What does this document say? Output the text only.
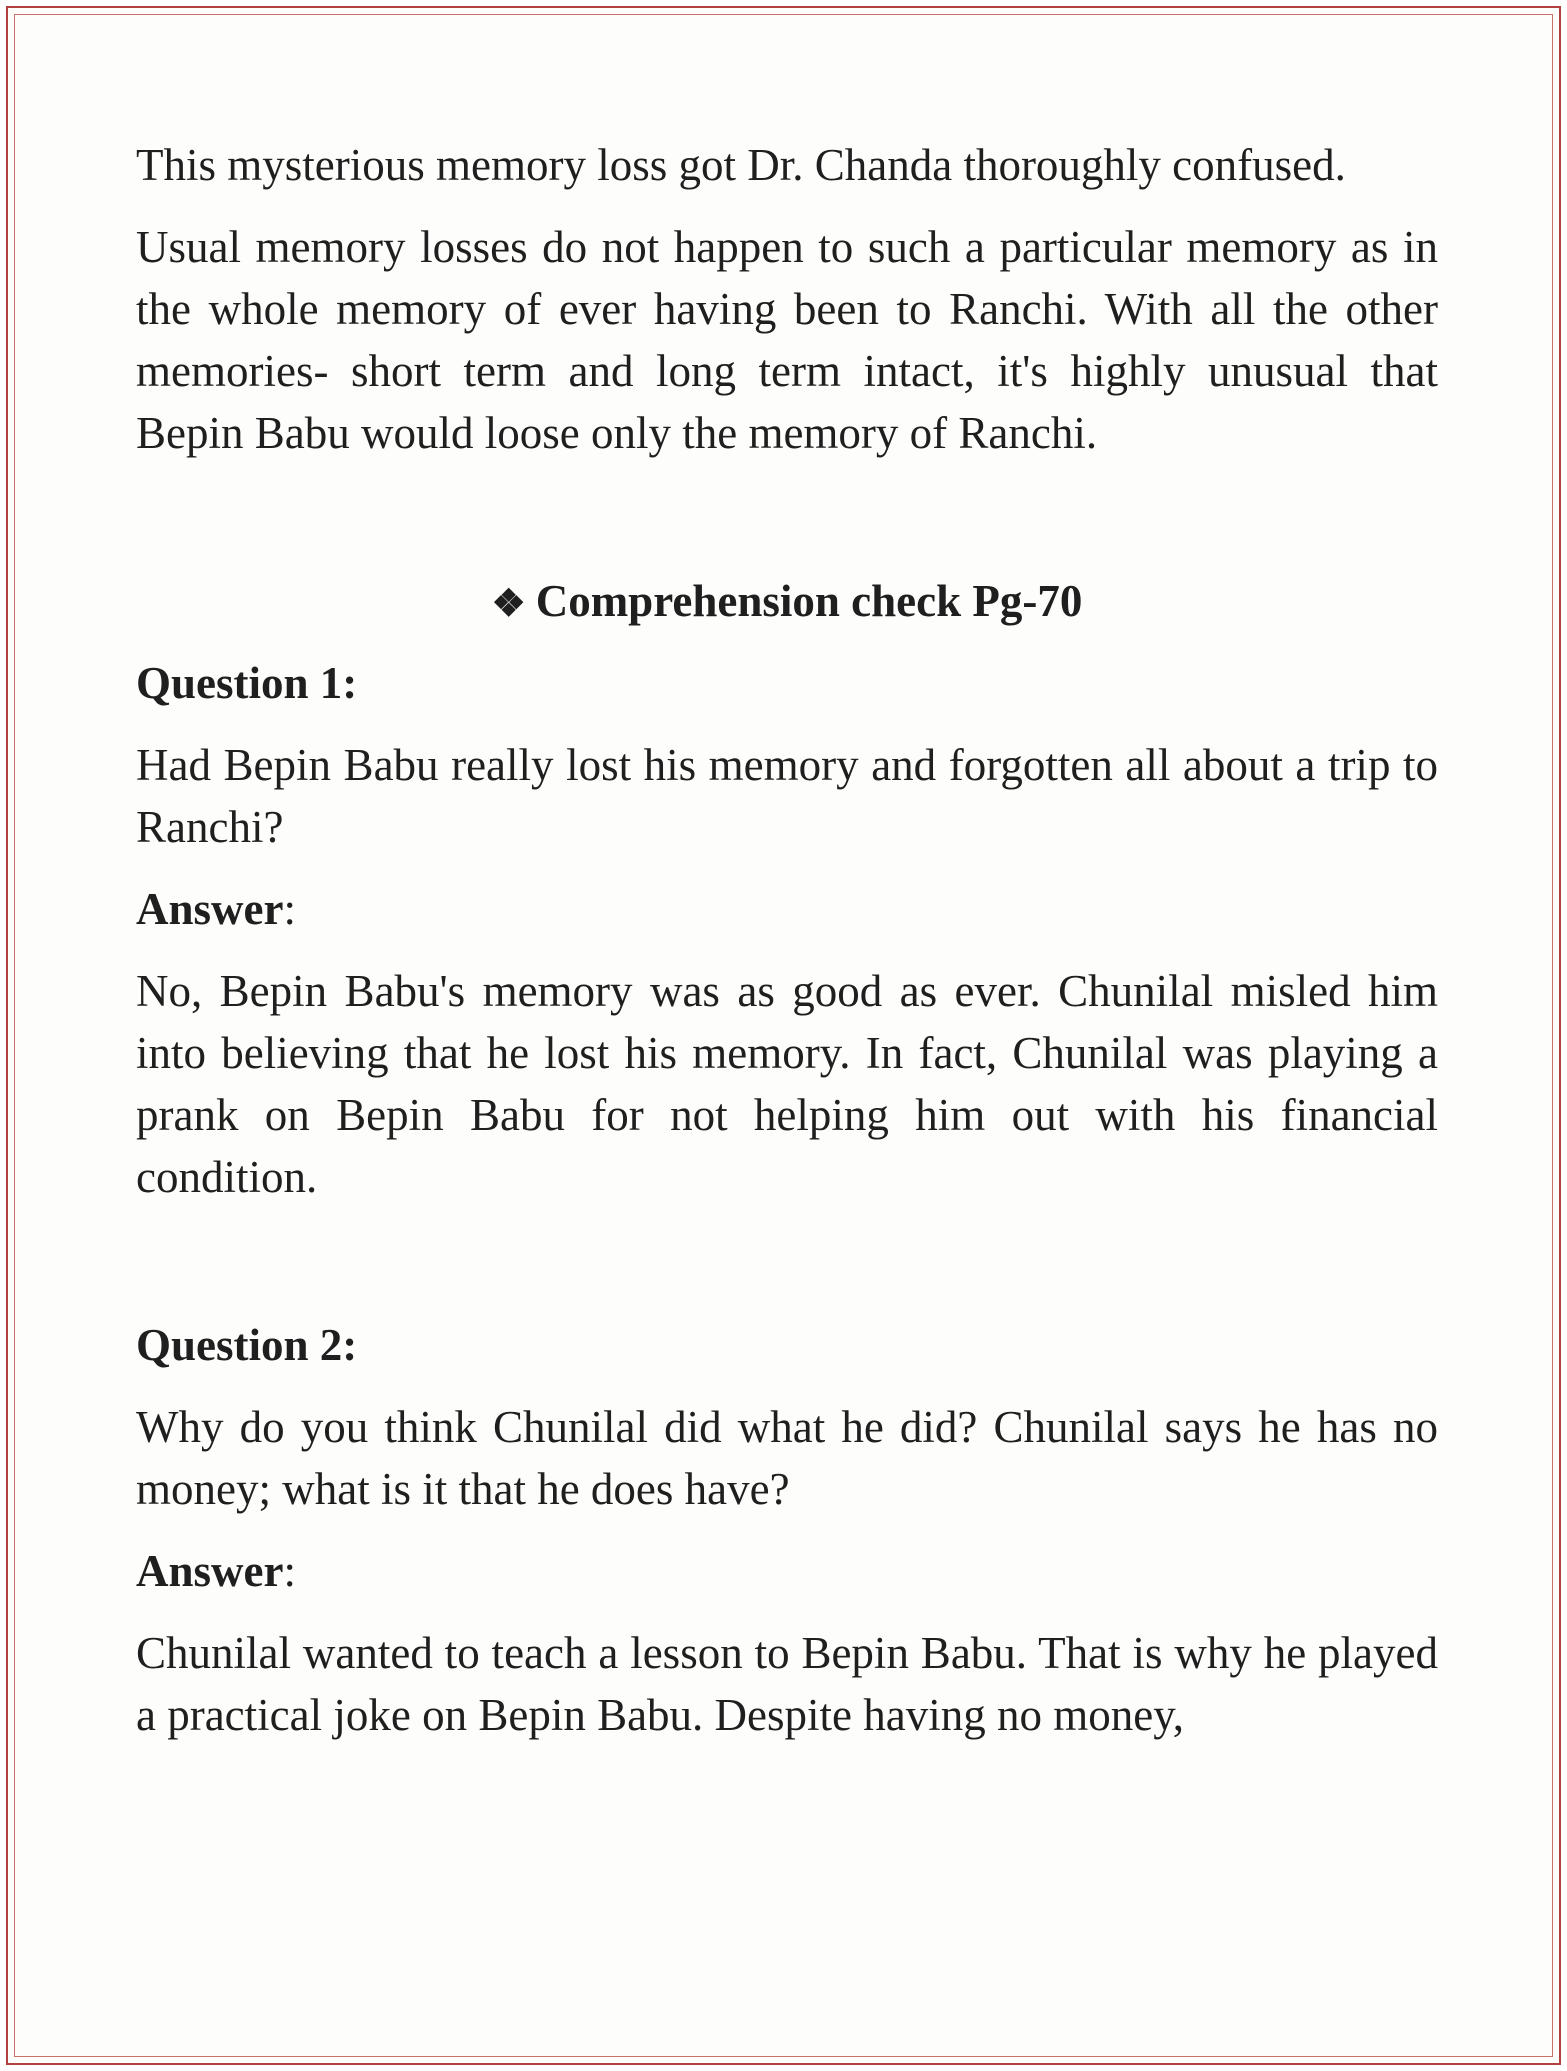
This mysterious memory loss got Dr. Chanda thoroughly confused.

Usual memory losses do not happen to such a particular memory as in the whole memory of ever having been to Ranchi. With all the other memories- short term and long term intact, it's highly unusual that Bepin Babu would loose only the memory of Ranchi.

❖ Comprehension check Pg-70
Question 1:

Had Bepin Babu really lost his memory and forgotten all about a trip to Ranchi?

Answer:

No, Bepin Babu's memory was as good as ever. Chunilal misled him into believing that he lost his memory. In fact, Chunilal was playing a prank on Bepin Babu for not helping him out with his financial condition.

Question 2:

Why do you think Chunilal did what he did? Chunilal says he has no money; what is it that he does have?

Answer:

Chunilal wanted to teach a lesson to Bepin Babu. That is why he played a practical joke on Bepin Babu. Despite having no money,
